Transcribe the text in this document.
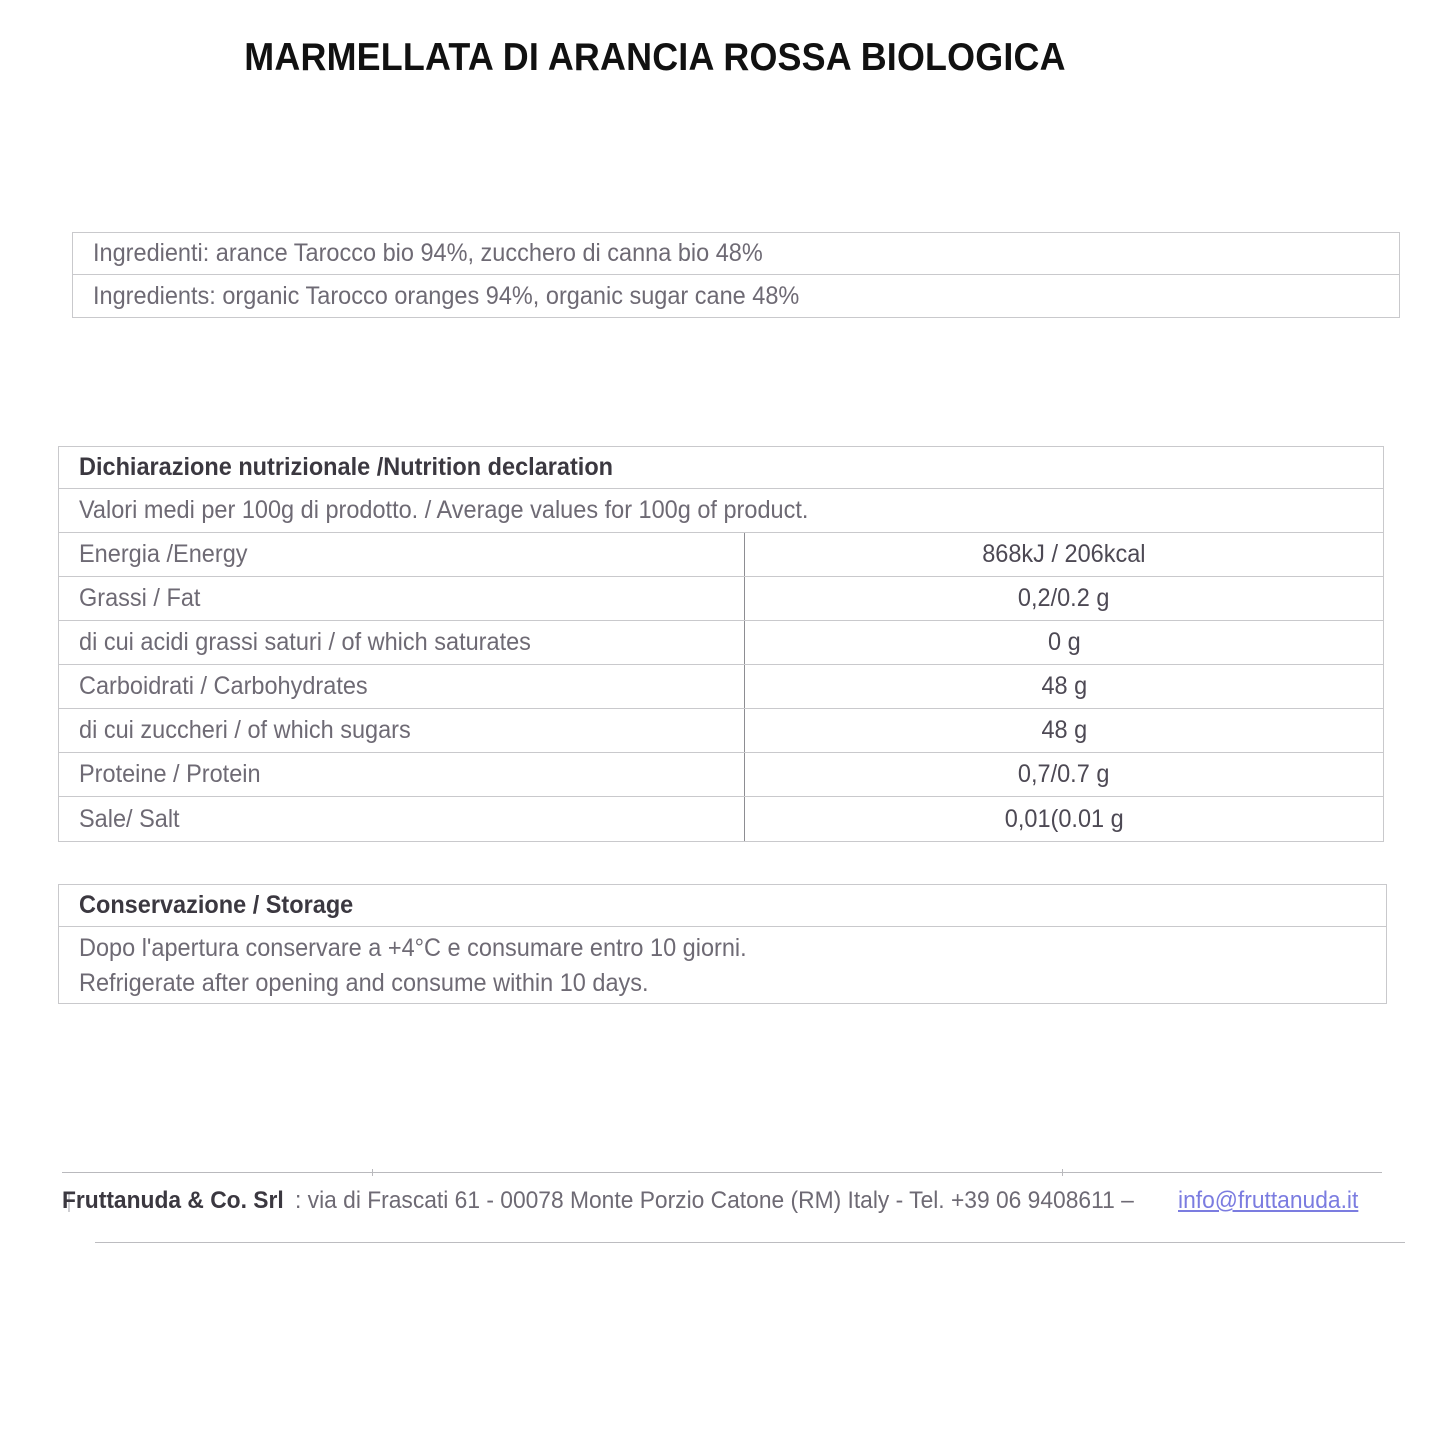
MARMELLATA DI ARANCIA ROSSA BIOLOGICA
Ingredienti: arance Tarocco bio 94%, zucchero di canna bio 48%
Ingredients: organic Tarocco oranges 94%, organic sugar cane 48%
Dichiarazione nutrizionale /Nutrition declaration
Valori medi per 100g di prodotto. / Average values for 100g of product.
Energia /Energy	868kJ / 206kcal
Grassi / Fat	0,2/0.2 g
di cui acidi grassi saturi / of which saturates	0 g
Carboidrati / Carbohydrates	48 g
di cui zuccheri / of which sugars	48 g
Proteine / Protein	0,7/0.7 g
Sale/ Salt	0,01(0.01 g
Conservazione / Storage
Dopo l'apertura conservare a +4°C e consumare entro 10 giorni.
Refrigerate after opening and consume within 10 days.
Fruttanuda & Co. Srl : via di Frascati 61 - 00078 Monte Porzio Catone (RM) Italy - Tel. +39 06 9408611 –info@fruttanuda.it
